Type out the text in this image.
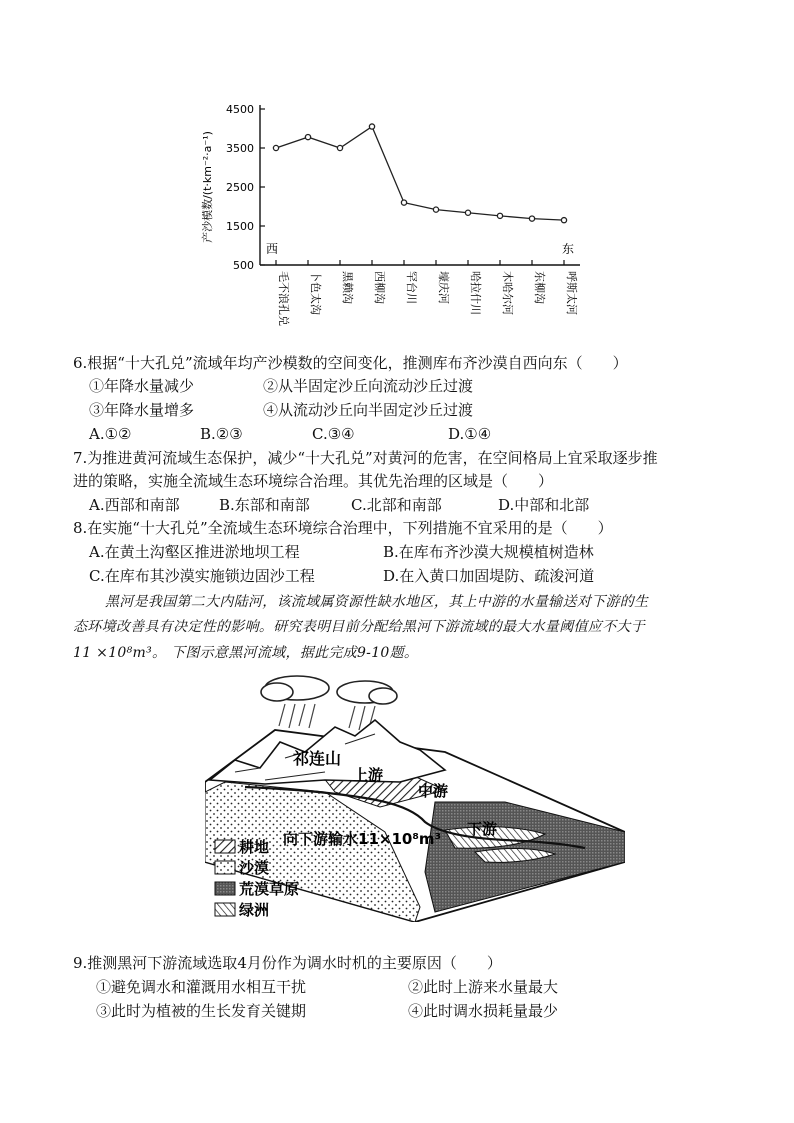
500
1500
2500
3500
4500
产沙模数/(t·km⁻²·a⁻¹)
毛不浪孔兑 卜色太沟 黑赖沟 西柳沟 罕台川 壕庆河 哈拉什川 木哈尔河 东柳沟 呼斯太河
西	东
6.根据“十大孔兑”流域年均产沙模数的空间变化，推测库布齐沙漠自西向东（　　）
①年降水量减少	②从半固定沙丘向流动沙丘过渡
③年降水量增多	④从流动沙丘向半固定沙丘过渡
A.①②	B.②③	C.③④	D.①④
7.为推进黄河流域生态保护，减少“十大孔兑”对黄河的危害，在空间格局上宜采取逐步推
进的策略，实施全流域生态环境综合治理。其优先治理的区域是（　　）
A.西部和南部	B.东部和南部	C.北部和南部	D.中部和北部
8.在实施“十大孔兑”全流域生态环境综合治理中，下列措施不宜采用的是（　　）
A.在黄土沟壑区推进淤地坝工程	B.在库布齐沙漠大规模植树造林
C.在库布其沙漠实施锁边固沙工程	D.在入黄口加固堤防、疏浚河道
黑河是我国第二大内陆河，该流域属资源性缺水地区，其上中游的水量输送对下游的生
态环境改善具有决定性的影响。研究表明目前分配给黑河下游流域的最大水量阈值应不大于
11 ×10⁸m³。 下图示意黑河流域，据此完成9-10题。
祁连山
上游
中游
下游
向下游输水11×10⁸m³
耕地
沙漠
荒漠草原
绿洲
9.推测黑河下游流域选取4月份作为调水时机的主要原因（　　）
①避免调水和灌溉用水相互干扰	②此时上游来水量最大
③此时为植被的生长发育关键期	④此时调水损耗量最少
